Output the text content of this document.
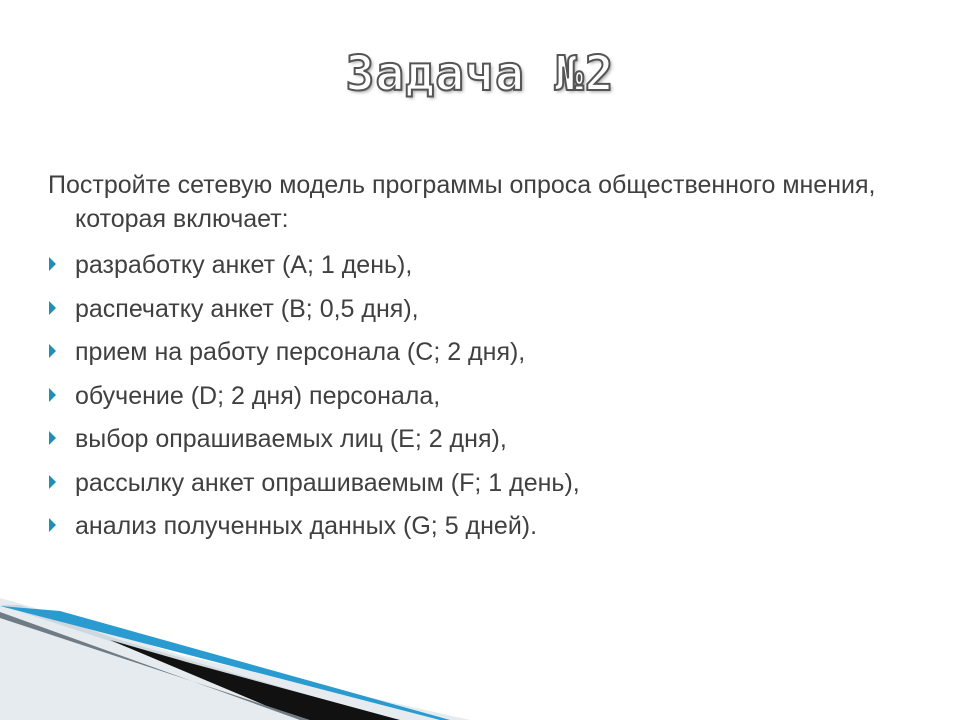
Задача №2
Постройте сетевую модель программы опроса общественного мнения, которая включает:
разработку анкет (А; 1 день),
распечатку анкет (В; 0,5 дня),
прием на работу персонала (С; 2 дня),
обучение (D; 2 дня) персонала,
выбор опрашиваемых лиц (Е; 2 дня),
рассылку анкет опрашиваемым (F; 1 день),
анализ полученных данных (G; 5 дней).
